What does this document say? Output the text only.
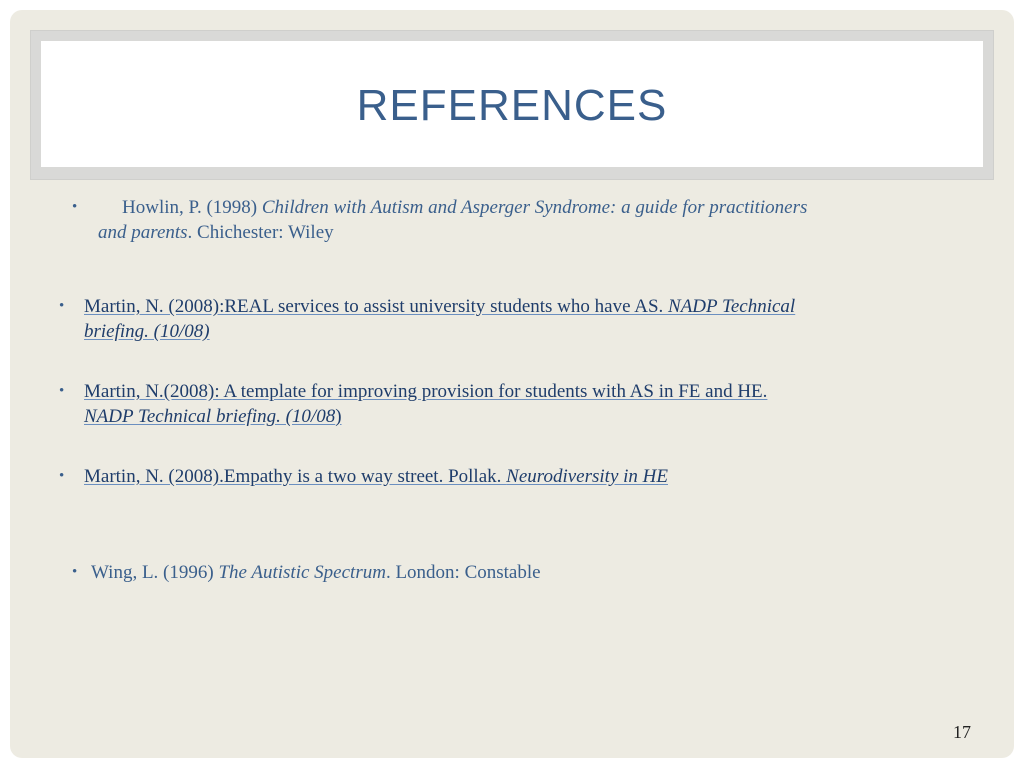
REFERENCES
•	Howlin, P. (1998) Children with Autism and Asperger Syndrome: a guide for practitioners
and parents. Chichester: Wiley
•	Martin, N. (2008):REAL services to assist university students who have AS. NADP Technical
briefing. (10/08)
•	Martin, N.(2008): A template for improving provision for students with AS in FE and HE.
NADP Technical briefing. (10/08)
•	Martin, N. (2008).Empathy is a two way street. Pollak. Neurodiversity in HE
• Wing, L. (1996) The Autistic Spectrum. London: Constable
17
